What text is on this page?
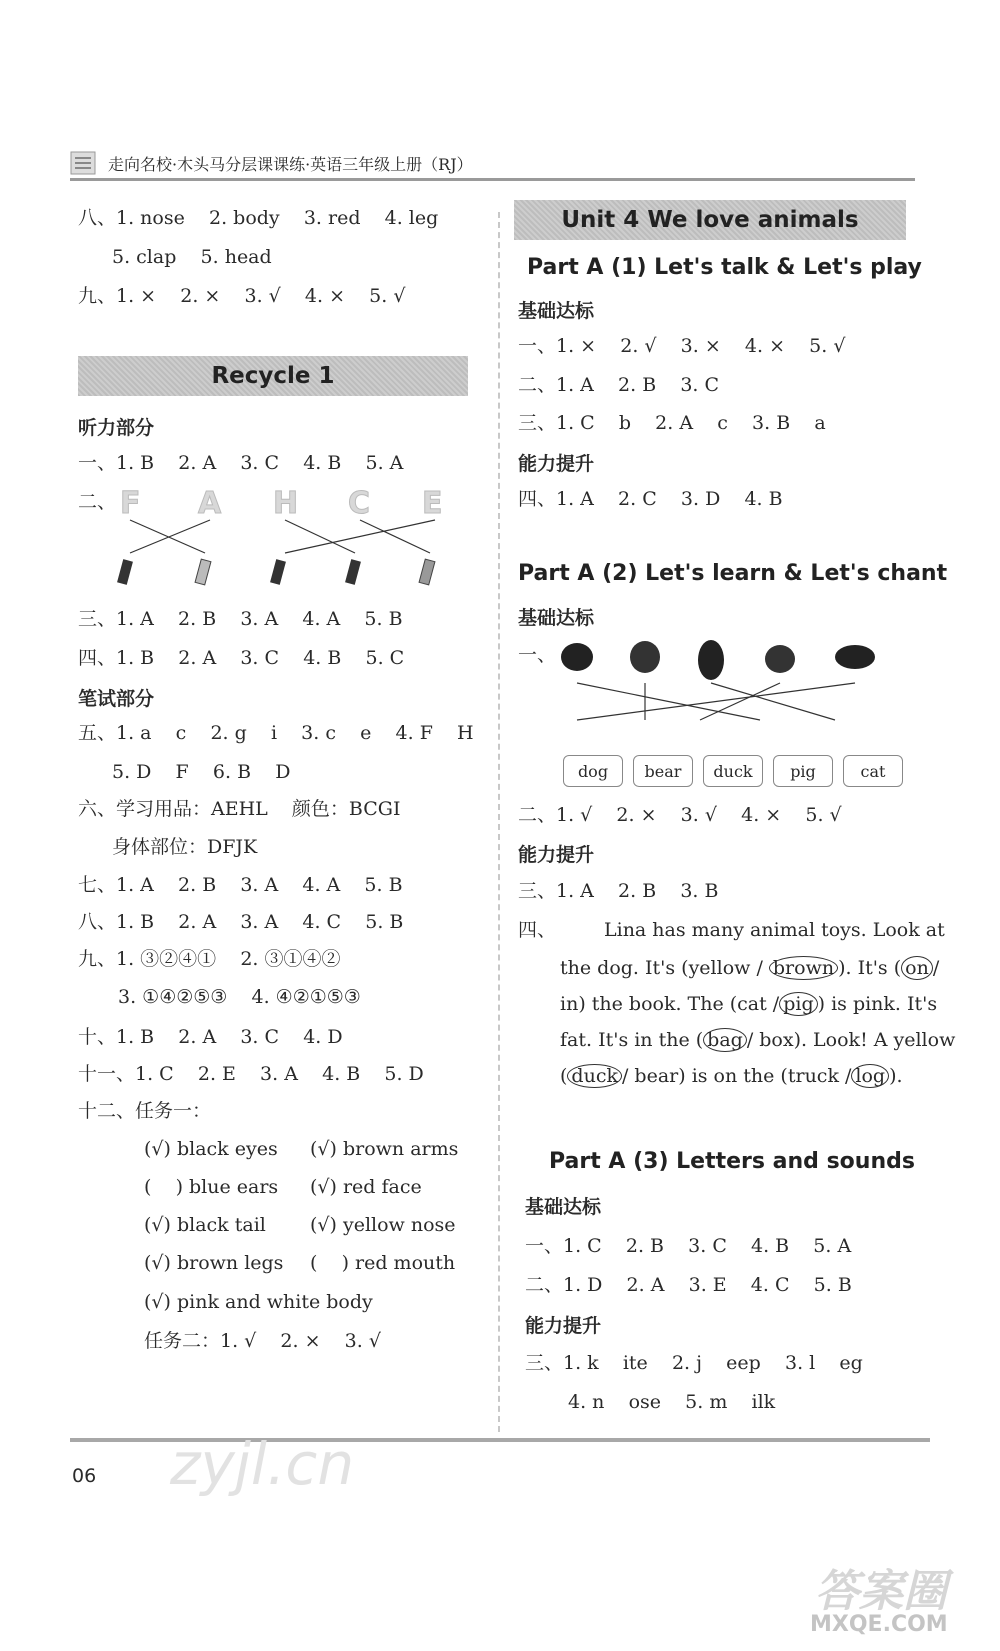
走向名校·木头马分层课课练·英语三年级上册（RJ）
八、1. nose    2. body    3. red    4. leg
5. clap    5. head
九、1. ×    2. ×    3. √    4. ×    5. √
Recycle 1
听力部分
一、1. B    2. A    3. C    4. B    5. A
二、 F A H C E
三、1. A    2. B    3. A    4. A    5. B
四、1. B    2. A    3. C    4. B    5. C
笔试部分
五、1. a    c    2. g    i    3. c    e    4. F    H
5. D    F    6. B    D
六、学习用品：AEHL    颜色：BCGI
身体部位：DFJK
七、1. A    2. B    3. A    4. A    5. B
八、1. B    2. A    3. A    4. C    5. B
九、1. ③②④①    2. ③①④②
3. ①④②⑤③    4. ④②①⑤③
十、1. B    2. A    3. C    4. D
十一、1. C    2. E    3. A    4. B    5. D
十二、任务一：
(√) black eyes (√) brown arms
(    ) blue ears (√) red face
(√) black tail (√) yellow nose
(√) brown legs (    ) red mouth
(√) pink and white body
任务二：1. √    2. ×    3. √
Unit 4 We love animals
Part A (1) Let's talk & Let's play
基础达标
一、1. ×    2. √    3. ×    4. ×    5. √
二、1. A    2. B    3. C
三、1. C    b    2. A    c    3. B    a
能力提升
四、1. A    2. C    3. D    4. B
Part A (2) Let's learn & Let's chant
基础达标
一、
dog	bear	duck	pig	cat
二、1. √    2. ×    3. √    4. ×    5. √
能力提升
三、1. A    2. B    3. B
四、	Lina has many animal toys. Look at
the dog. It's (yellow / brown ). It's ( on /
in) the book. The (cat / pig ) is pink. It's
fat. It's in the ( bag / box). Look! A yellow
( duck / bear) is on the (truck / log ).
Part A (3) Letters and sounds
基础达标
一、1. C    2. B    3. C    4. B    5. A
二、1. D    2. A    3. E    4. C    5. B
能力提升
三、1. k    ite    2. j    eep    3. l    eg
4. n    ose    5. m    ilk
06 zyjl.cn
答案圈
MXQE.COM
